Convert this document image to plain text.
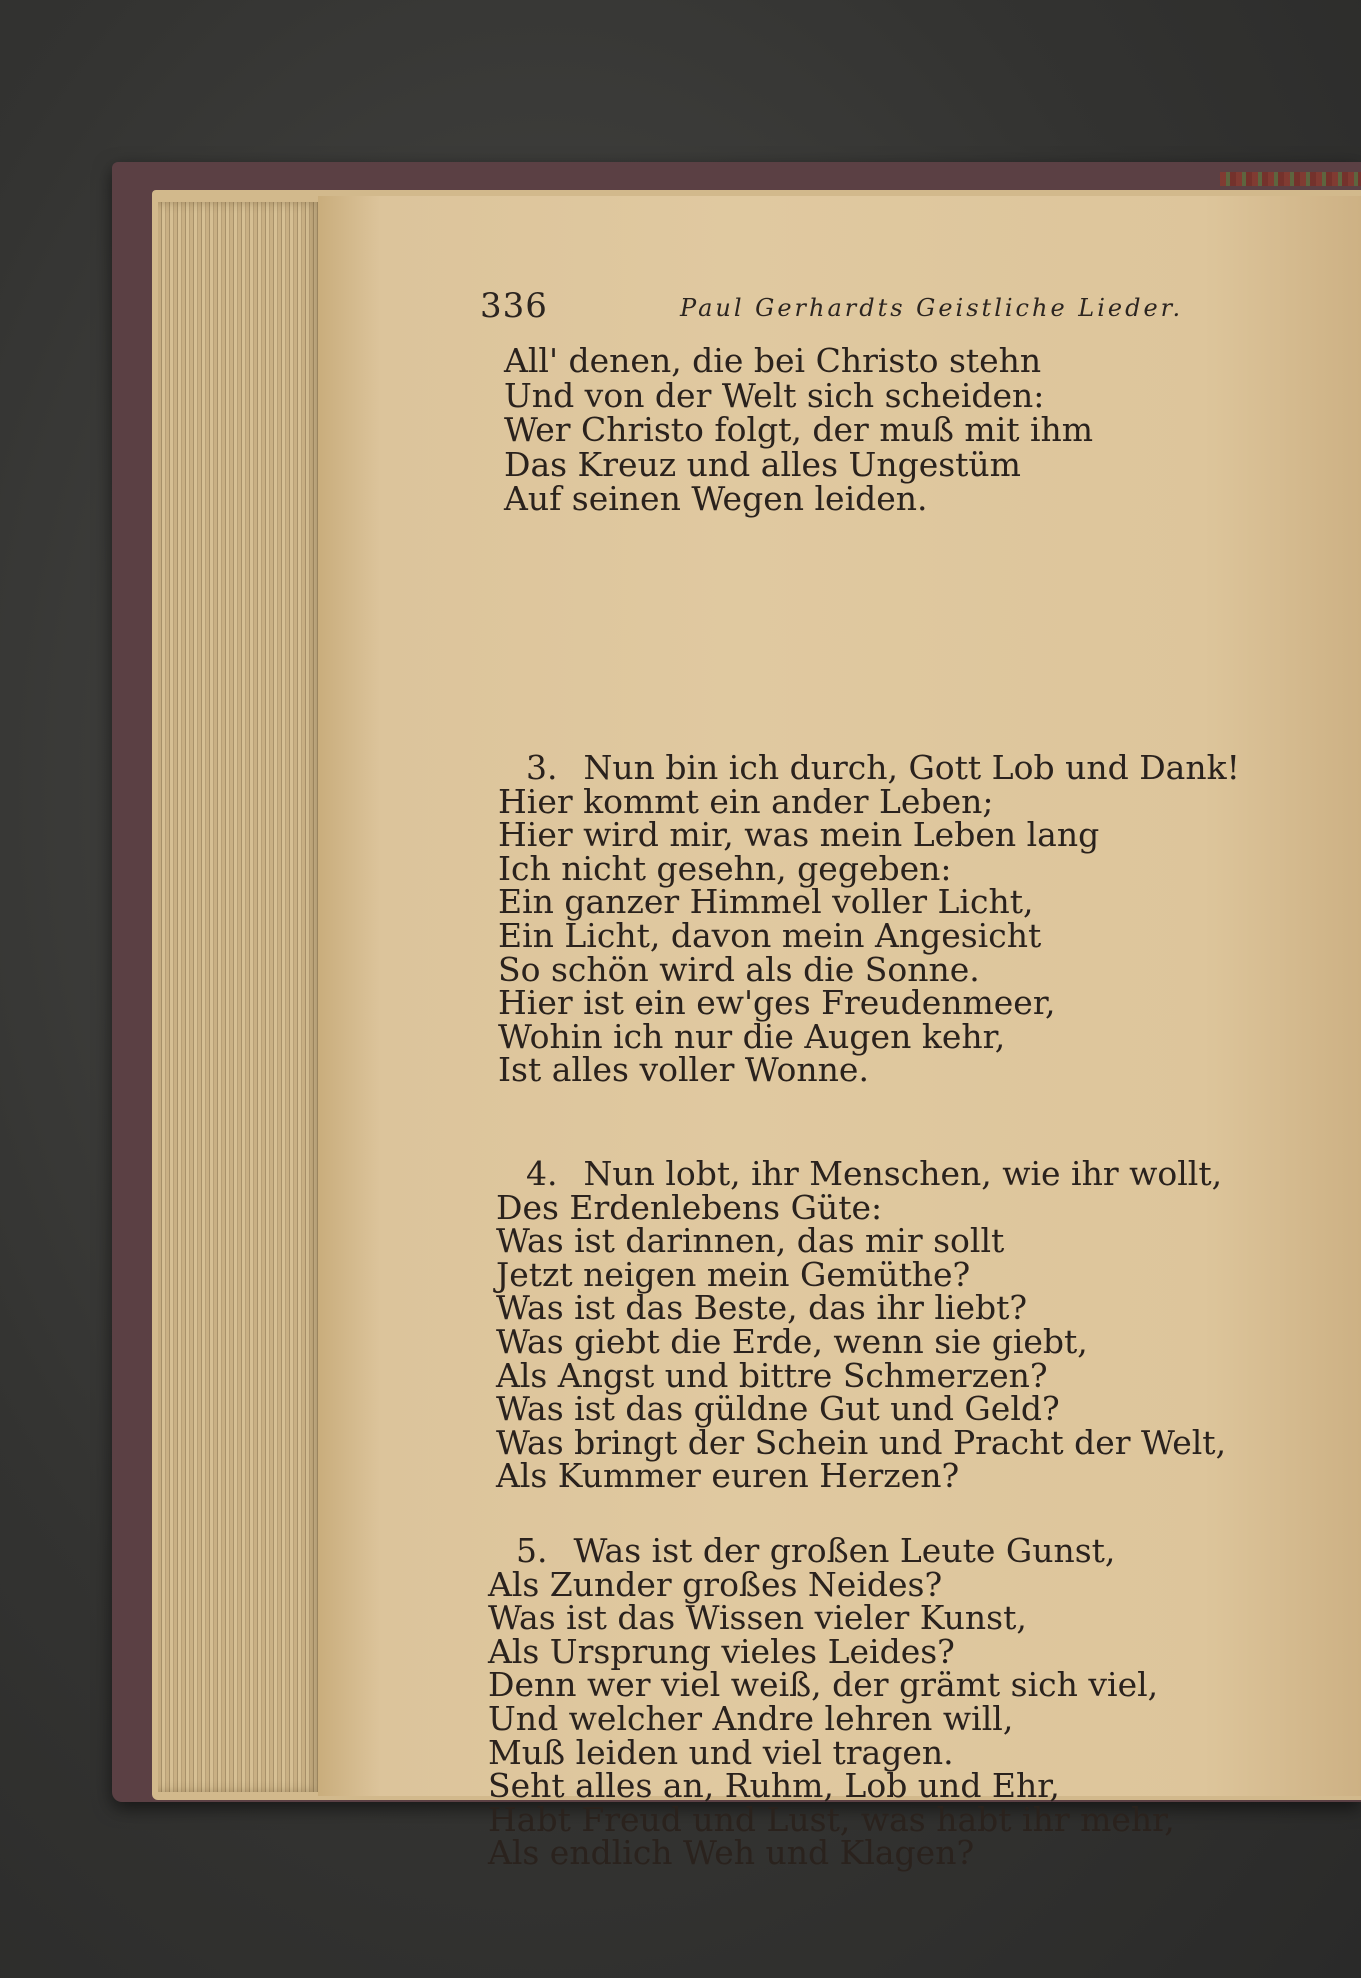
336	Paul Gerhardts Geistliche Lieder.
All' denen, die bei Christo stehn
Und von der Welt sich scheiden:
Wer Christo folgt, der muß mit ihm
Das Kreuz und alles Ungestüm
Auf seinen Wegen leiden.
3. Nun bin ich durch, Gott Lob und Dank!
Hier kommt ein ander Leben;
Hier wird mir, was mein Leben lang
Ich nicht gesehn, gegeben:
Ein ganzer Himmel voller Licht,
Ein Licht, davon mein Angesicht
So schön wird als die Sonne.
Hier ist ein ew'ges Freudenmeer,
Wohin ich nur die Augen kehr,
Ist alles voller Wonne.
4. Nun lobt, ihr Menschen, wie ihr wollt,
Des Erdenlebens Güte:
Was ist darinnen, das mir sollt
Jetzt neigen mein Gemüthe?
Was ist das Beste, das ihr liebt?
Was giebt die Erde, wenn sie giebt,
Als Angst und bittre Schmerzen?
Was ist das güldne Gut und Geld?
Was bringt der Schein und Pracht der Welt,
Als Kummer euren Herzen?
5. Was ist der großen Leute Gunst,
Als Zunder großes Neides?
Was ist das Wissen vieler Kunst,
Als Ursprung vieles Leides?
Denn wer viel weiß, der grämt sich viel,
Und welcher Andre lehren will,
Muß leiden und viel tragen.
Seht alles an, Ruhm, Lob und Ehr,
Habt Freud und Lust, was habt ihr mehr,
Als endlich Weh und Klagen?
